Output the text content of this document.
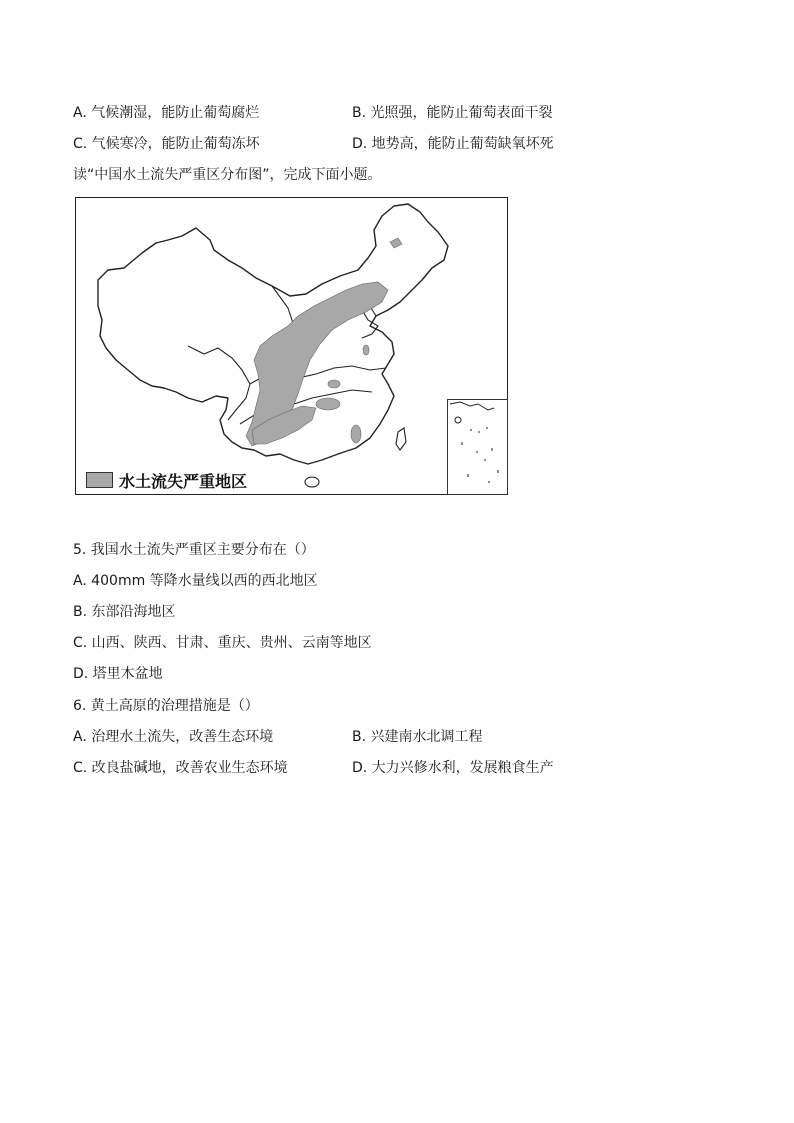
A. 气候潮湿，能防止葡萄腐烂	B. 光照强，能防止葡萄表面干裂
C. 气候寒冷，能防止葡萄冻坏	D. 地势高，能防止葡萄缺氧坏死
读“中国水土流失严重区分布图”，完成下面小题。
水土流失严重地区
5. 我国水土流失严重区主要分布在（）
A. 400mm 等降水量线以西的西北地区
B. 东部沿海地区
C. 山西、陕西、甘肃、重庆、贵州、云南等地区
D. 塔里木盆地
6. 黄土高原的治理措施是（）
A. 治理水土流失，改善生态环境	B. 兴建南水北调工程
C. 改良盐碱地，改善农业生态环境	D. 大力兴修水利，发展粮食生产
